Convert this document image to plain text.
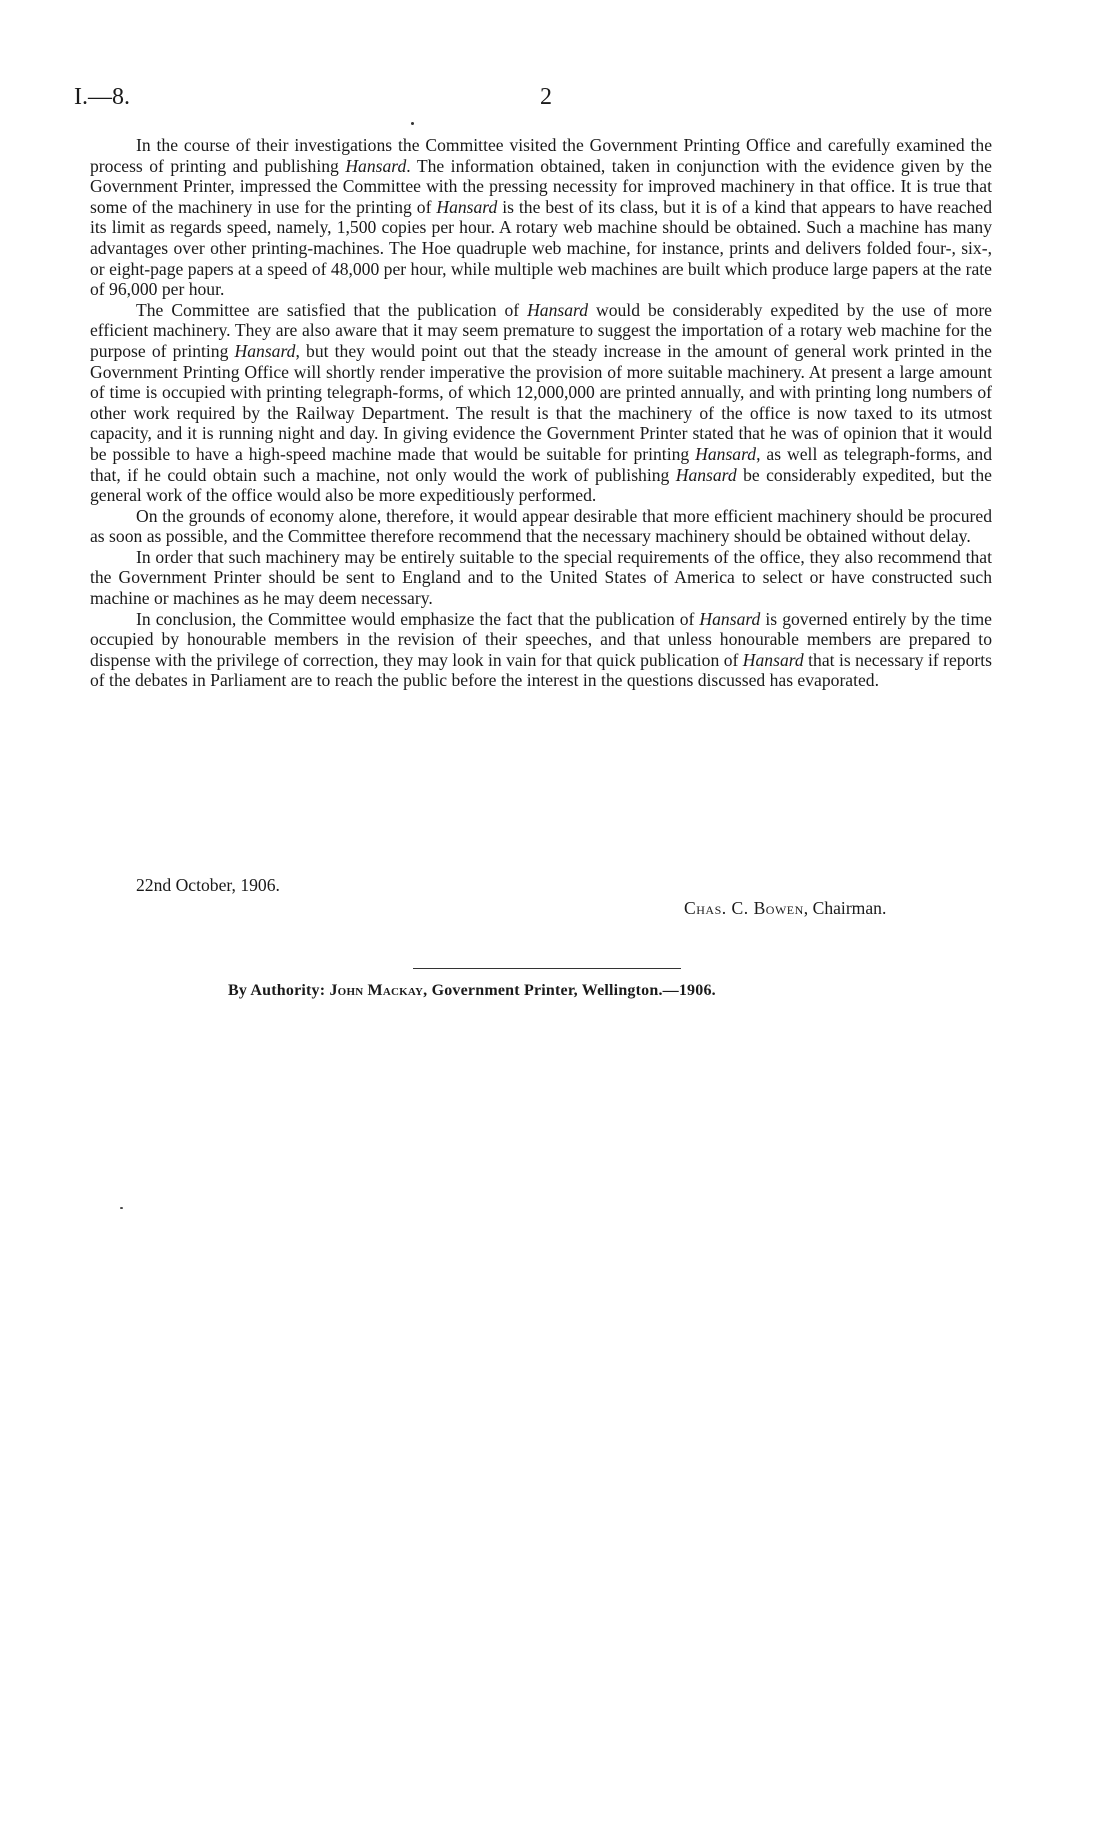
I.—8.	2

In the course of their investigations the Committee visited the Government Printing Office and carefully examined the process of printing and publishing Hansard. The information obtained, taken in conjunction with the evidence given by the Government Printer, impressed the Committee with the pressing necessity for improved machinery in that office. It is true that some of the machinery in use for the printing of Hansard is the best of its class, but it is of a kind that appears to have reached its limit as regards speed, namely, 1,500 copies per hour. A rotary web machine should be obtained. Such a machine has many advantages over other printing-machines. The Hoe quadruple web machine, for instance, prints and delivers folded four-, six-, or eight-page papers at a speed of 48,000 per hour, while multiple web machines are built which produce large papers at the rate of 96,000 per hour.

The Committee are satisfied that the publication of Hansard would be considerably expedited by the use of more efficient machinery. They are also aware that it may seem premature to suggest the importation of a rotary web machine for the purpose of printing Hansard, but they would point out that the steady increase in the amount of general work printed in the Government Printing Office will shortly render imperative the provision of more suitable machinery. At present a large amount of time is occupied with printing telegraph-forms, of which 12,000,000 are printed annually, and with printing long numbers of other work required by the Railway Department. The result is that the machinery of the office is now taxed to its utmost capacity, and it is running night and day. In giving evidence the Government Printer stated that he was of opinion that it would be possible to have a high-speed machine made that would be suitable for printing Hansard, as well as telegraph-forms, and that, if he could obtain such a machine, not only would the work of publishing Hansard be considerably expedited, but the general work of the office would also be more expeditiously performed.

On the grounds of economy alone, therefore, it would appear desirable that more efficient machinery should be procured as soon as possible, and the Committee therefore recommend that the necessary machinery should be obtained without delay.

In order that such machinery may be entirely suitable to the special requirements of the office, they also recommend that the Government Printer should be sent to England and to the United States of America to select or have constructed such machine or machines as he may deem necessary.

In conclusion, the Committee would emphasize the fact that the publication of Hansard is governed entirely by the time occupied by honourable members in the revision of their speeches, and that unless honourable members are prepared to dispense with the privilege of correction, they may look in vain for that quick publication of Hansard that is necessary if reports of the debates in Parliament are to reach the public before the interest in the questions discussed has evaporated.

22nd October, 1906.
Chas. C. Bowen, Chairman.
By Authority: John Mackay, Government Printer, Wellington.—1906.
